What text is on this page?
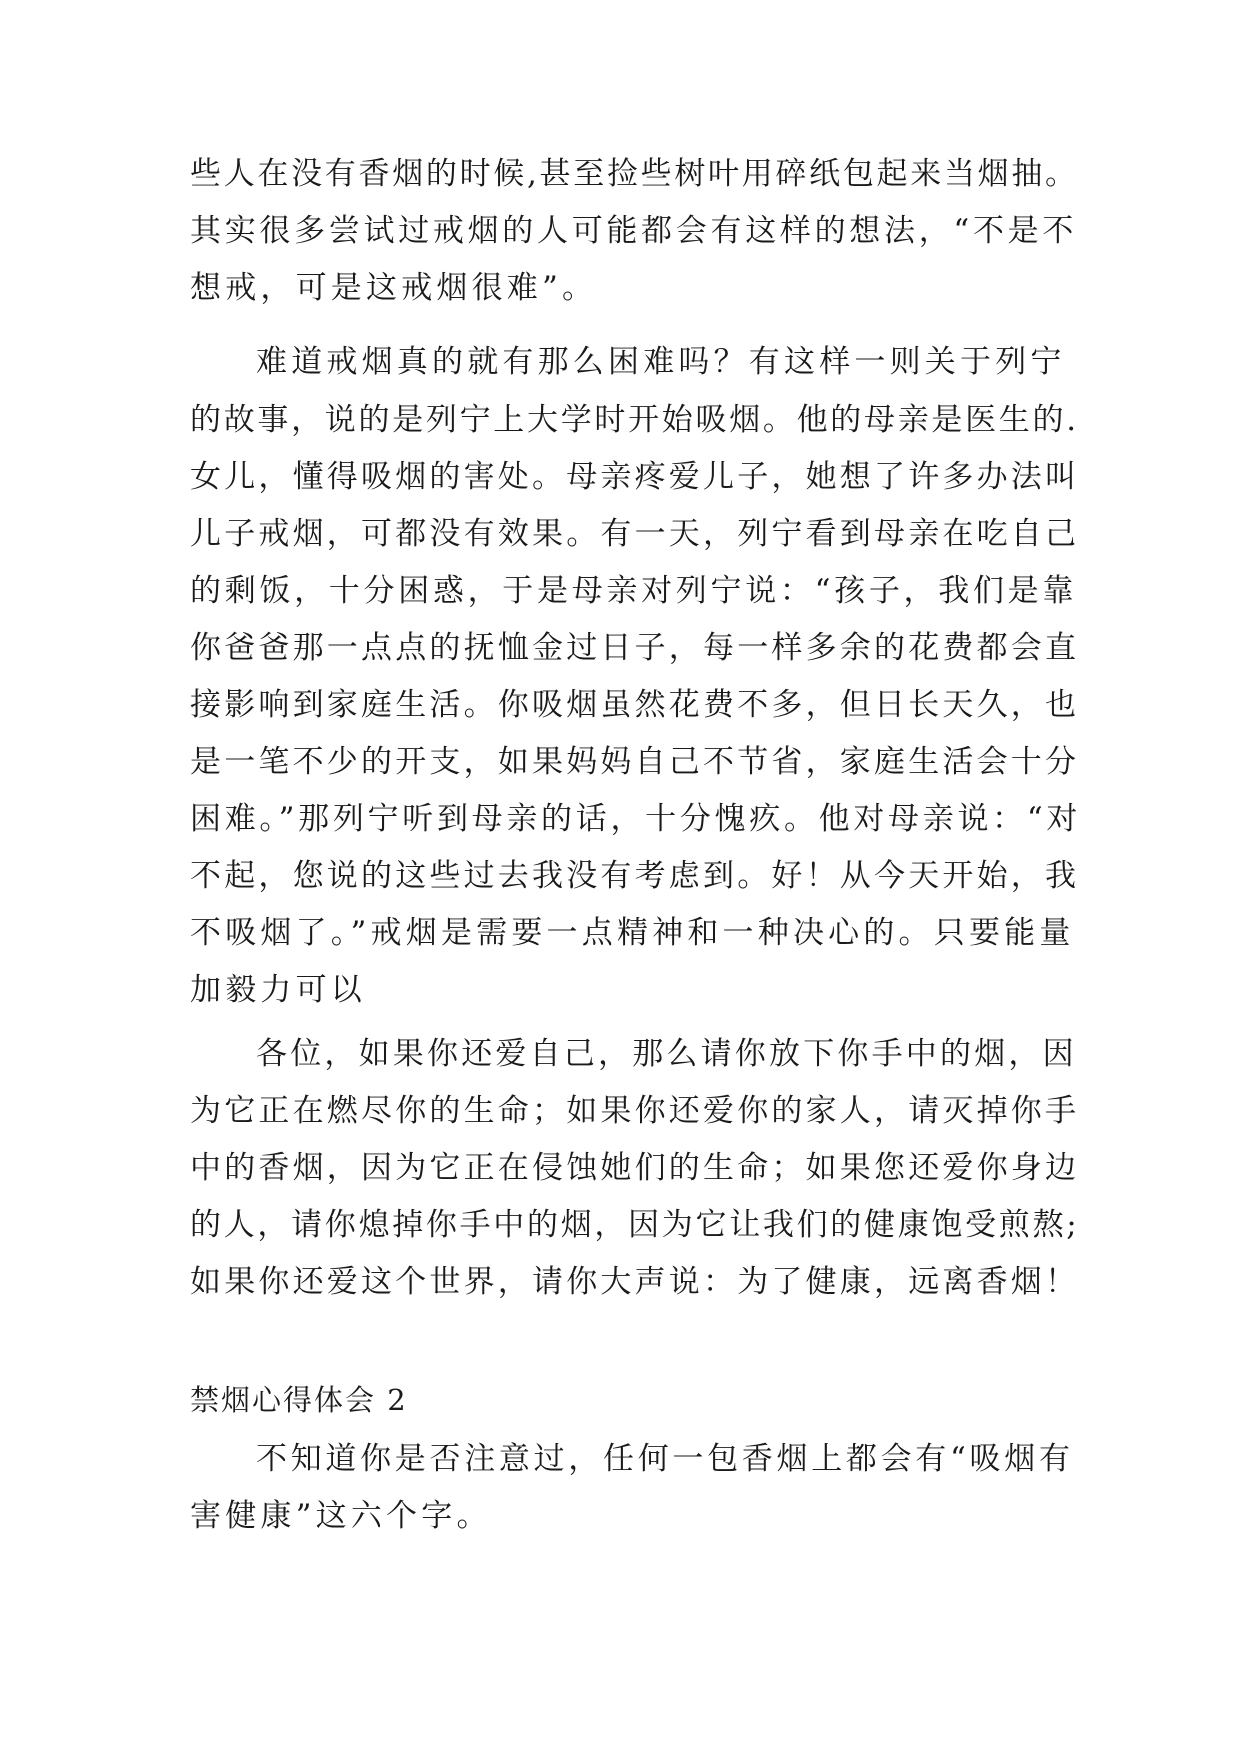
些人在没有香烟的时候,甚至捡些树叶用碎纸包起来当烟抽。
其实很多尝试过戒烟的人可能都会有这样的想法，“不是不
想戒，可是这戒烟很难”。
难道戒烟真的就有那么困难吗？有这样一则关于列宁
的故事，说的是列宁上大学时开始吸烟。他的母亲是医生的.
女儿，懂得吸烟的害处。母亲疼爱儿子，她想了许多办法叫
儿子戒烟，可都没有效果。有一天，列宁看到母亲在吃自己
的剩饭，十分困惑，于是母亲对列宁说：“孩子，我们是靠
你爸爸那一点点的抚恤金过日子，每一样多余的花费都会直
接影响到家庭生活。你吸烟虽然花费不多，但日长天久，也
是一笔不少的开支，如果妈妈自己不节省，家庭生活会十分
困难。”那列宁听到母亲的话，十分愧疚。他对母亲说：“对
不起，您说的这些过去我没有考虑到。好！从今天开始，我
不吸烟了。”戒烟是需要一点精神和一种决心的。只要能量
加毅力可以
各位，如果你还爱自己，那么请你放下你手中的烟，因
为它正在燃尽你的生命；如果你还爱你的家人，请灭掉你手
中的香烟，因为它正在侵蚀她们的生命；如果您还爱你身边
的人，请你熄掉你手中的烟，因为它让我们的健康饱受煎熬;
如果你还爱这个世界，请你大声说：为了健康，远离香烟！
禁烟心得体会 2
不知道你是否注意过，任何一包香烟上都会有“吸烟有
害健康”这六个字。
